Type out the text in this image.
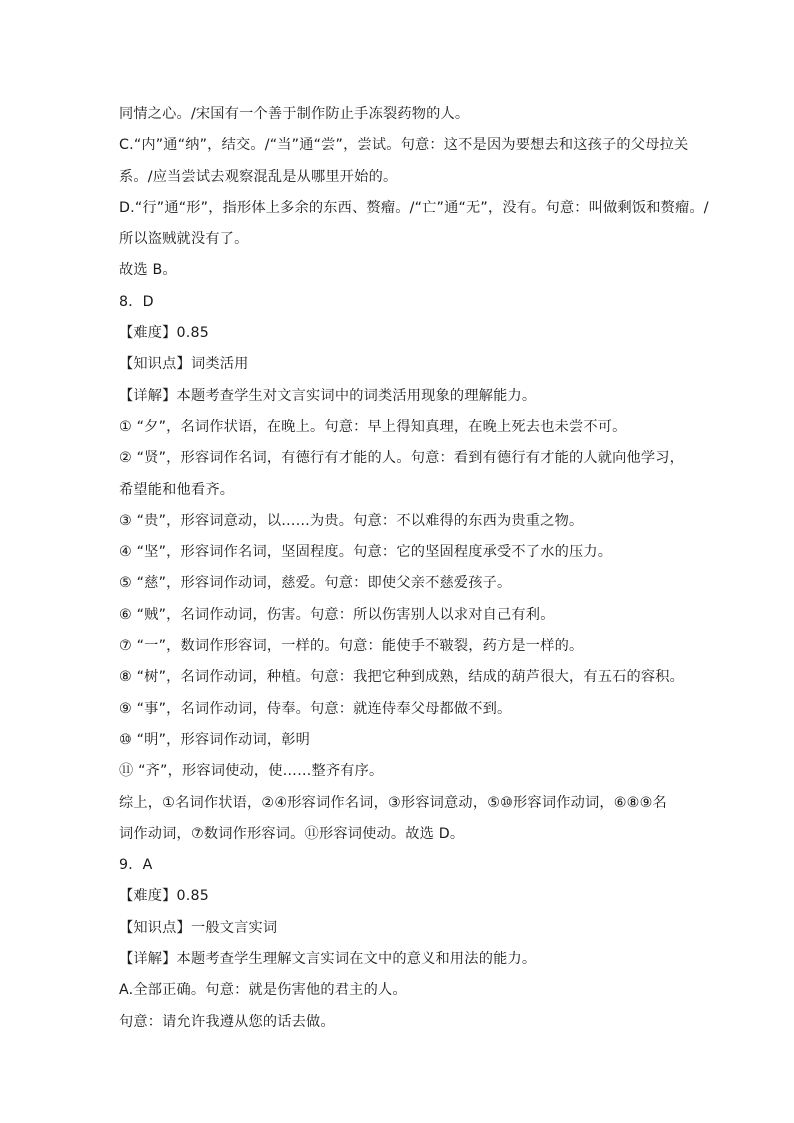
同情之心。/宋国有一个善于制作防止手冻裂药物的人。
C.“内”通“纳”，结交。/“当”通“尝”，尝试。句意：这不是因为要想去和这孩子的父母拉关
系。/应当尝试去观察混乱是从哪里开始的。
D.“行”通“形”，指形体上多余的东西、赘瘤。/“亡”通“无”，没有。句意：叫做剩饭和赘瘤。/
所以盗贼就没有了。
故选 B。
8．D
【难度】0.85
【知识点】词类活用
【详解】本题考查学生对文言实词中的词类活用现象的理解能力。
① “夕”，名词作状语，在晚上。句意：早上得知真理，在晚上死去也未尝不可。
② “贤”，形容词作名词，有德行有才能的人。句意：看到有德行有才能的人就向他学习，
希望能和他看齐。
③ “贵”，形容词意动，以……为贵。句意：不以难得的东西为贵重之物。
④ “坚”，形容词作名词，坚固程度。句意：它的坚固程度承受不了水的压力。
⑤ “慈”，形容词作动词，慈爱。句意：即使父亲不慈爱孩子。
⑥ “贼”，名词作动词，伤害。句意：所以伤害别人以求对自己有利。
⑦ “一”，数词作形容词，一样的。句意：能使手不皲裂，药方是一样的。
⑧ “树”，名词作动词，种植。句意：我把它种到成熟，结成的葫芦很大，有五石的容积。
⑨ “事”，名词作动词，侍奉。句意：就连侍奉父母都做不到。
⑩ “明”，形容词作动词，彰明
⑪ “齐”，形容词使动，使……整齐有序。
综上，①名词作状语，②④形容词作名词，③形容词意动，⑤⑩形容词作动词，⑥⑧⑨名
词作动词，⑦数词作形容词。⑪形容词使动。故选 D。
9．A
【难度】0.85
【知识点】一般文言实词
【详解】本题考查学生理解文言实词在文中的意义和用法的能力。
A.全部正确。句意：就是伤害他的君主的人。
句意：请允许我遵从您的话去做。
